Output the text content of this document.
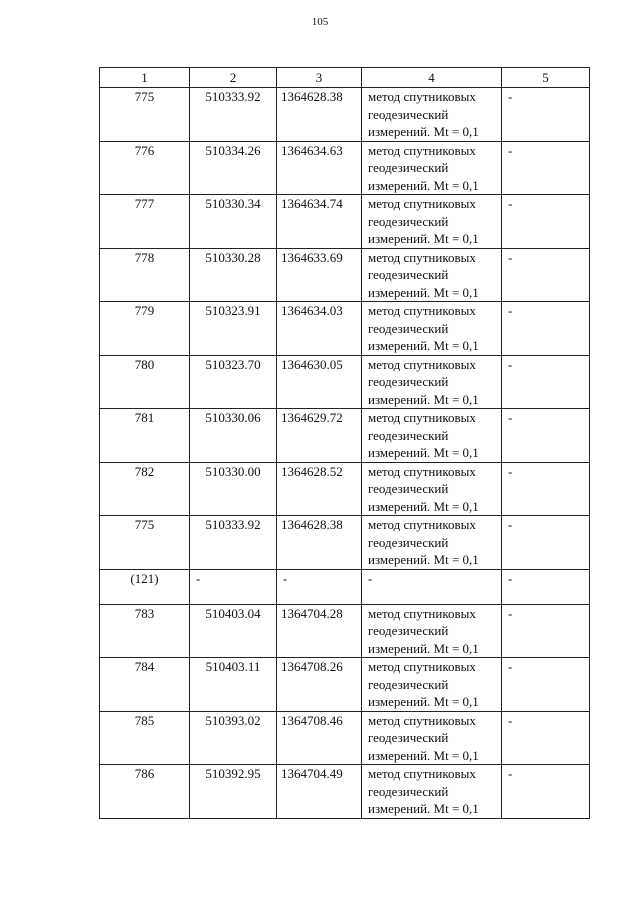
105
1	2	3	4	5
775	510333.92	1364628.38	метод спутниковых
геодезический
измерений. Mt = 0,1	-
776	510334.26	1364634.63	метод спутниковых
геодезический
измерений. Mt = 0,1	-
777	510330.34	1364634.74	метод спутниковых
геодезический
измерений. Mt = 0,1	-
778	510330.28	1364633.69	метод спутниковых
геодезический
измерений. Mt = 0,1	-
779	510323.91	1364634.03	метод спутниковых
геодезический
измерений. Mt = 0,1	-
780	510323.70	1364630.05	метод спутниковых
геодезический
измерений. Mt = 0,1	-
781	510330.06	1364629.72	метод спутниковых
геодезический
измерений. Mt = 0,1	-
782	510330.00	1364628.52	метод спутниковых
геодезический
измерений. Mt = 0,1	-
775	510333.92	1364628.38	метод спутниковых
геодезический
измерений. Mt = 0,1	-
(121)	-	-	-	-
783	510403.04	1364704.28	метод спутниковых
геодезический
измерений. Mt = 0,1	-
784	510403.11	1364708.26	метод спутниковых
геодезический
измерений. Mt = 0,1	-
785	510393.02	1364708.46	метод спутниковых
геодезический
измерений. Mt = 0,1	-
786	510392.95	1364704.49	метод спутниковых
геодезический
измерений. Mt = 0,1	-
